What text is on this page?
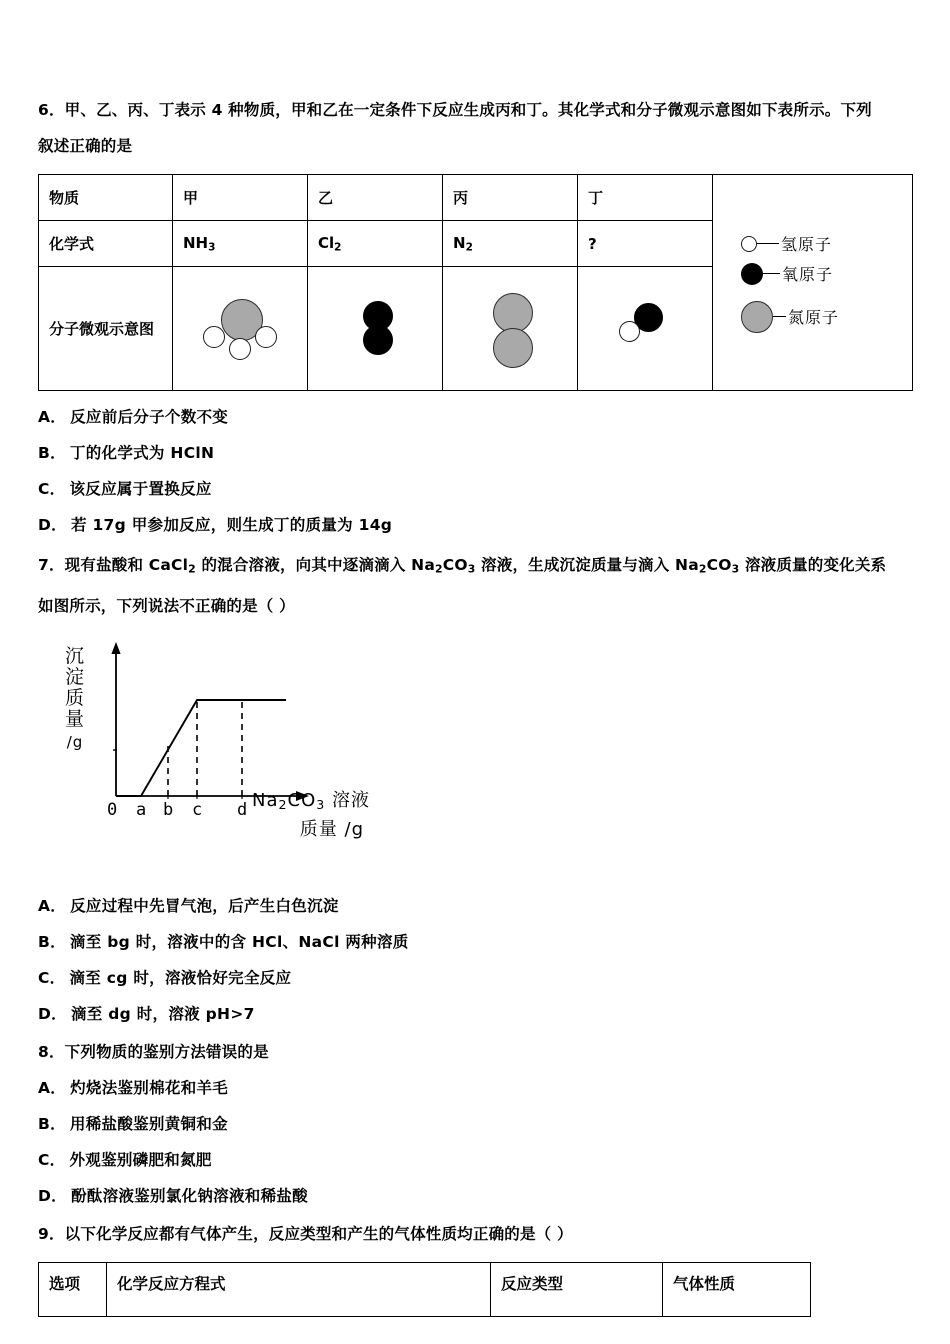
6．甲、乙、丙、丁表示 4 种物质，甲和乙在一定条件下反应生成丙和丁。其化学式和分子微观示意图如下表所示。下列
叙述正确的是
物质	甲	乙	丙	丁	氢原子
氧原子
氮原子

化学式	$NH_3$	$Cl_2$	$N_2$	?	

分子微观示意图					

A． 反应前后分子个数不变
B． 丁的化学式为 HClN
C． 该反应属于置换反应
D． 若 17g 甲参加反应，则生成丁的质量为 14g
7．现有盐酸和 CaCl$_2$ 的混合溶液，向其中逐滴滴入 $Na_2CO_3$ 溶液，生成沉淀质量与滴入 $Na_2CO_3$ 溶液质量的变化关系
如图所示，下列说法不正确的是（ ）
沉淀质量
/g
0 a b c d $Na_2CO_3$ 溶液
质量 /g
A． 反应过程中先冒气泡，后产生白色沉淀
B． 滴至 bg 时，溶液中的含 HCl、NaCl 两种溶质
C． 滴至 cg 时，溶液恰好完全反应
D． 滴至 dg 时，溶液 pH>7
8．下列物质的鉴别方法错误的是
A． 灼烧法鉴别棉花和羊毛
B． 用稀盐酸鉴别黄铜和金
C． 外观鉴别磷肥和氮肥
D． 酚酞溶液鉴别氯化钠溶液和稀盐酸
9．以下化学反应都有气体产生，反应类型和产生的气体性质均正确的是（ ）
选项	化学反应方程式	反应类型	气体性质
